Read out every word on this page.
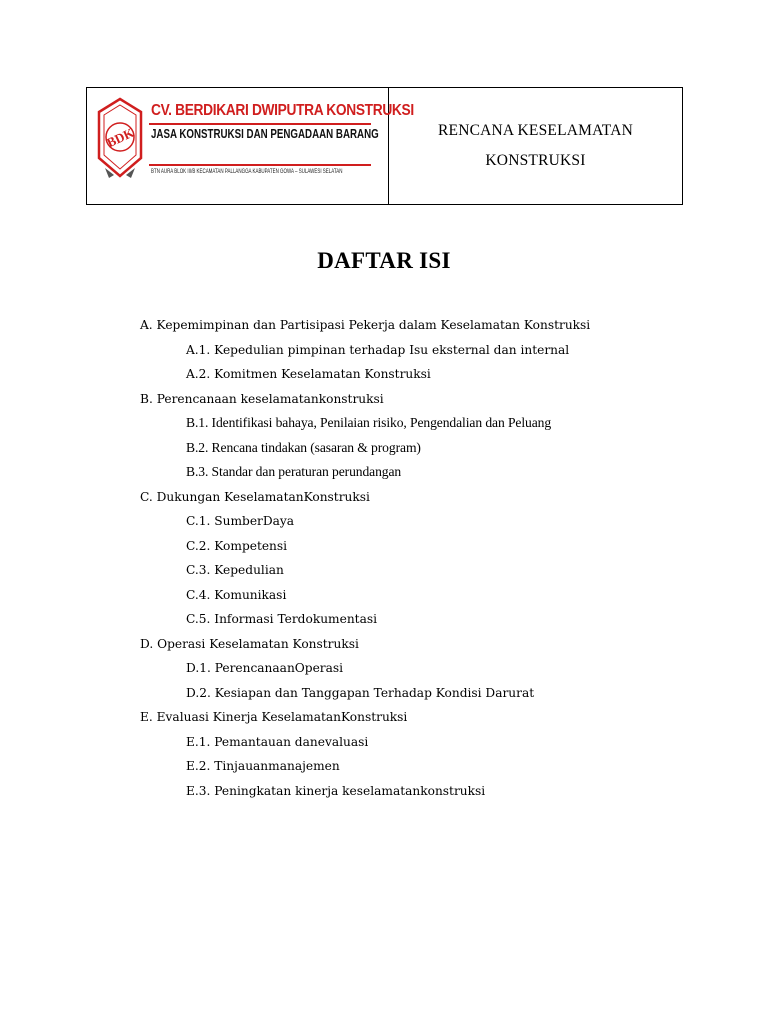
BDK
CV. BERDIKARI DWIPUTRA KONSTRUKSI
JASA KONSTRUKSI DAN PENGADAAN BARANG
BTN AURA BLOK III/B KECAMATAN PALLANGGA KABUPATEN GOWA – SULAWESI SELATAN
RENCANA KESELAMATAN
KONSTRUKSI
DAFTAR ISI
A. Kepemimpinan dan Partisipasi Pekerja dalam Keselamatan Konstruksi
A.1. Kepedulian pimpinan terhadap Isu eksternal dan internal
A.2. Komitmen Keselamatan Konstruksi
B. Perencanaan keselamatankonstruksi
B.1. Identifikasi bahaya, Penilaian risiko, Pengendalian dan Peluang
B.2. Rencana tindakan (sasaran & program)
B.3. Standar dan peraturan perundangan
C. Dukungan KeselamatanKonstruksi
C.1. SumberDaya
C.2. Kompetensi
C.3. Kepedulian
C.4. Komunikasi
C.5. Informasi Terdokumentasi
D. Operasi Keselamatan Konstruksi
D.1. PerencanaanOperasi
D.2. Kesiapan dan Tanggapan Terhadap Kondisi Darurat
E. Evaluasi Kinerja KeselamatanKonstruksi
E.1. Pemantauan danevaluasi
E.2. Tinjauanmanajemen
E.3. Peningkatan kinerja keselamatankonstruksi
